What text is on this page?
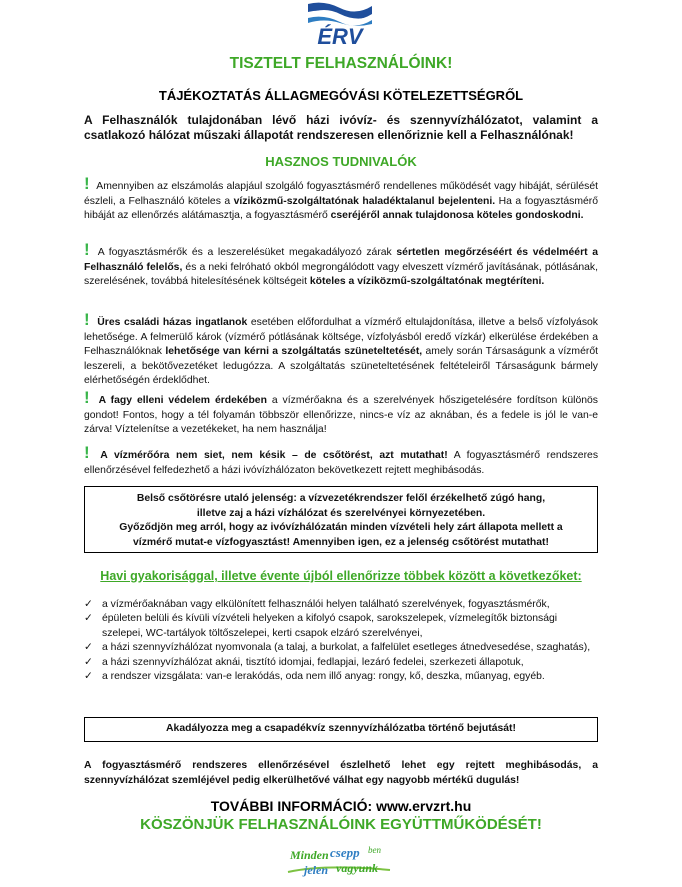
ÉRV
TISZTELT FELHASZNÁLÓINK!
TÁJÉKOZTATÁS ÁLLAGMEGÓVÁSI KÖTELEZETTSÉGRŐL
A Felhasználók tulajdonában lévő házi ivóvíz- és szennyvízhálózatot, valamint a csatlakozó hálózat műszaki állapotát rendszeresen ellenőriznie kell a Felhasználónak!
HASZNOS TUDNIVALÓK
! Amennyiben az elszámolás alapjául szolgáló fogyasztásmérő rendellenes működését vagy hibáját, sérülését észleli, a Felhasználó köteles a víziközmű-szolgáltatónak haladéktalanul bejelenteni. Ha a fogyasztásmérő hibáját az ellenőrzés alátámasztja, a fogyasztásmérő cseréjéről annak tulajdonosa köteles gondoskodni.
! A fogyasztásmérők és a leszerelésüket megakadályozó zárak sértetlen megőrzéséért és védelméért a Felhasználó felelős, és a neki felróható okból megrongálódott vagy elveszett vízmérő javításának, pótlásának, szerelésének, továbbá hitelesítésének költségeit köteles a víziközmű-szolgáltatónak megtéríteni.
! Üres családi házas ingatlanok esetében előfordulhat a vízmérő eltulajdonítása, illetve a belső vízfolyások lehetősége. A felmerülő károk (vízmérő pótlásának költsége, vízfolyásból eredő vízkár) elkerülése érdekében a Felhasználóknak lehetősége van kérni a szolgáltatás szüneteltetését, amely során Társaságunk a vízmérőt leszereli, a bekötővezetéket ledugózza. A szolgáltatás szüneteltetésének feltételeiről Társaságunk bármely elérhetőségén érdeklődhet.
! A fagy elleni védelem érdekében a vízmérőakna és a szerelvények hőszigetelésére fordítson különös gondot! Fontos, hogy a tél folyamán többször ellenőrizze, nincs-e víz az aknában, és a fedele is jól le van-e zárva! Víztelenítse a vezetékeket, ha nem használja!
! A vízmérőóra nem siet, nem késik – de csőtörést, azt mutathat! A fogyasztásmérő rendszeres ellenőrzésével felfedezhető a házi ivóvízhálózaton bekövetkezett rejtett meghibásodás.
Belső csőtörésre utaló jelenség: a vízvezetékrendszer felől érzékelhető zúgó hang,
illetve zaj a házi vízhálózat és szerelvényei környezetében.
Győződjön meg arról, hogy az ivóvízhálózatán minden vízvételi hely zárt állapota mellett a
vízmérő mutat-e vízfogyasztást! Amennyiben igen, ez a jelenség csőtörést mutathat!
Havi gyakorisággal, illetve évente újból ellenőrizze többek között a következőket:
✓ a vízmérőaknában vagy elkülönített felhasználói helyen található szerelvények, fogyasztásmérők,
✓ épületen belüli és kívüli vízvételi helyeken a kifolyó csapok, sarokszelepek, vízmelegítők biztonsági szelepei, WC-tartályok töltőszelepei, kerti csapok elzáró szerelvényei,
✓ a házi szennyvízhálózat nyomvonala (a talaj, a burkolat, a falfelület esetleges átnedvesedése, szaghatás),
✓ a házi szennyvízhálózat aknái, tisztító idomjai, fedlapjai, lezáró fedelei, szerkezeti állapotuk,
✓ a rendszer vizsgálata: van-e lerakódás, oda nem illő anyag: rongy, kő, deszka, műanyag, egyéb.
Akadályozza meg a csapadékvíz szennyvízhálózatba történő bejutását!
A fogyasztásmérő rendszeres ellenőrzésével észlelhető lehet egy rejtett meghibásodás, a szennyvízhálózat szemléjével pedig elkerülhetővé válhat egy nagyobb mértékű dugulás!
TOVÁBBI INFORMÁCIÓ: www.ervzrt.hu
KÖSZÖNJÜK FELHASZNÁLÓINK EGYÜTTMŰKÖDÉSÉT!
Minden csepp ben
jelen vagyunk
